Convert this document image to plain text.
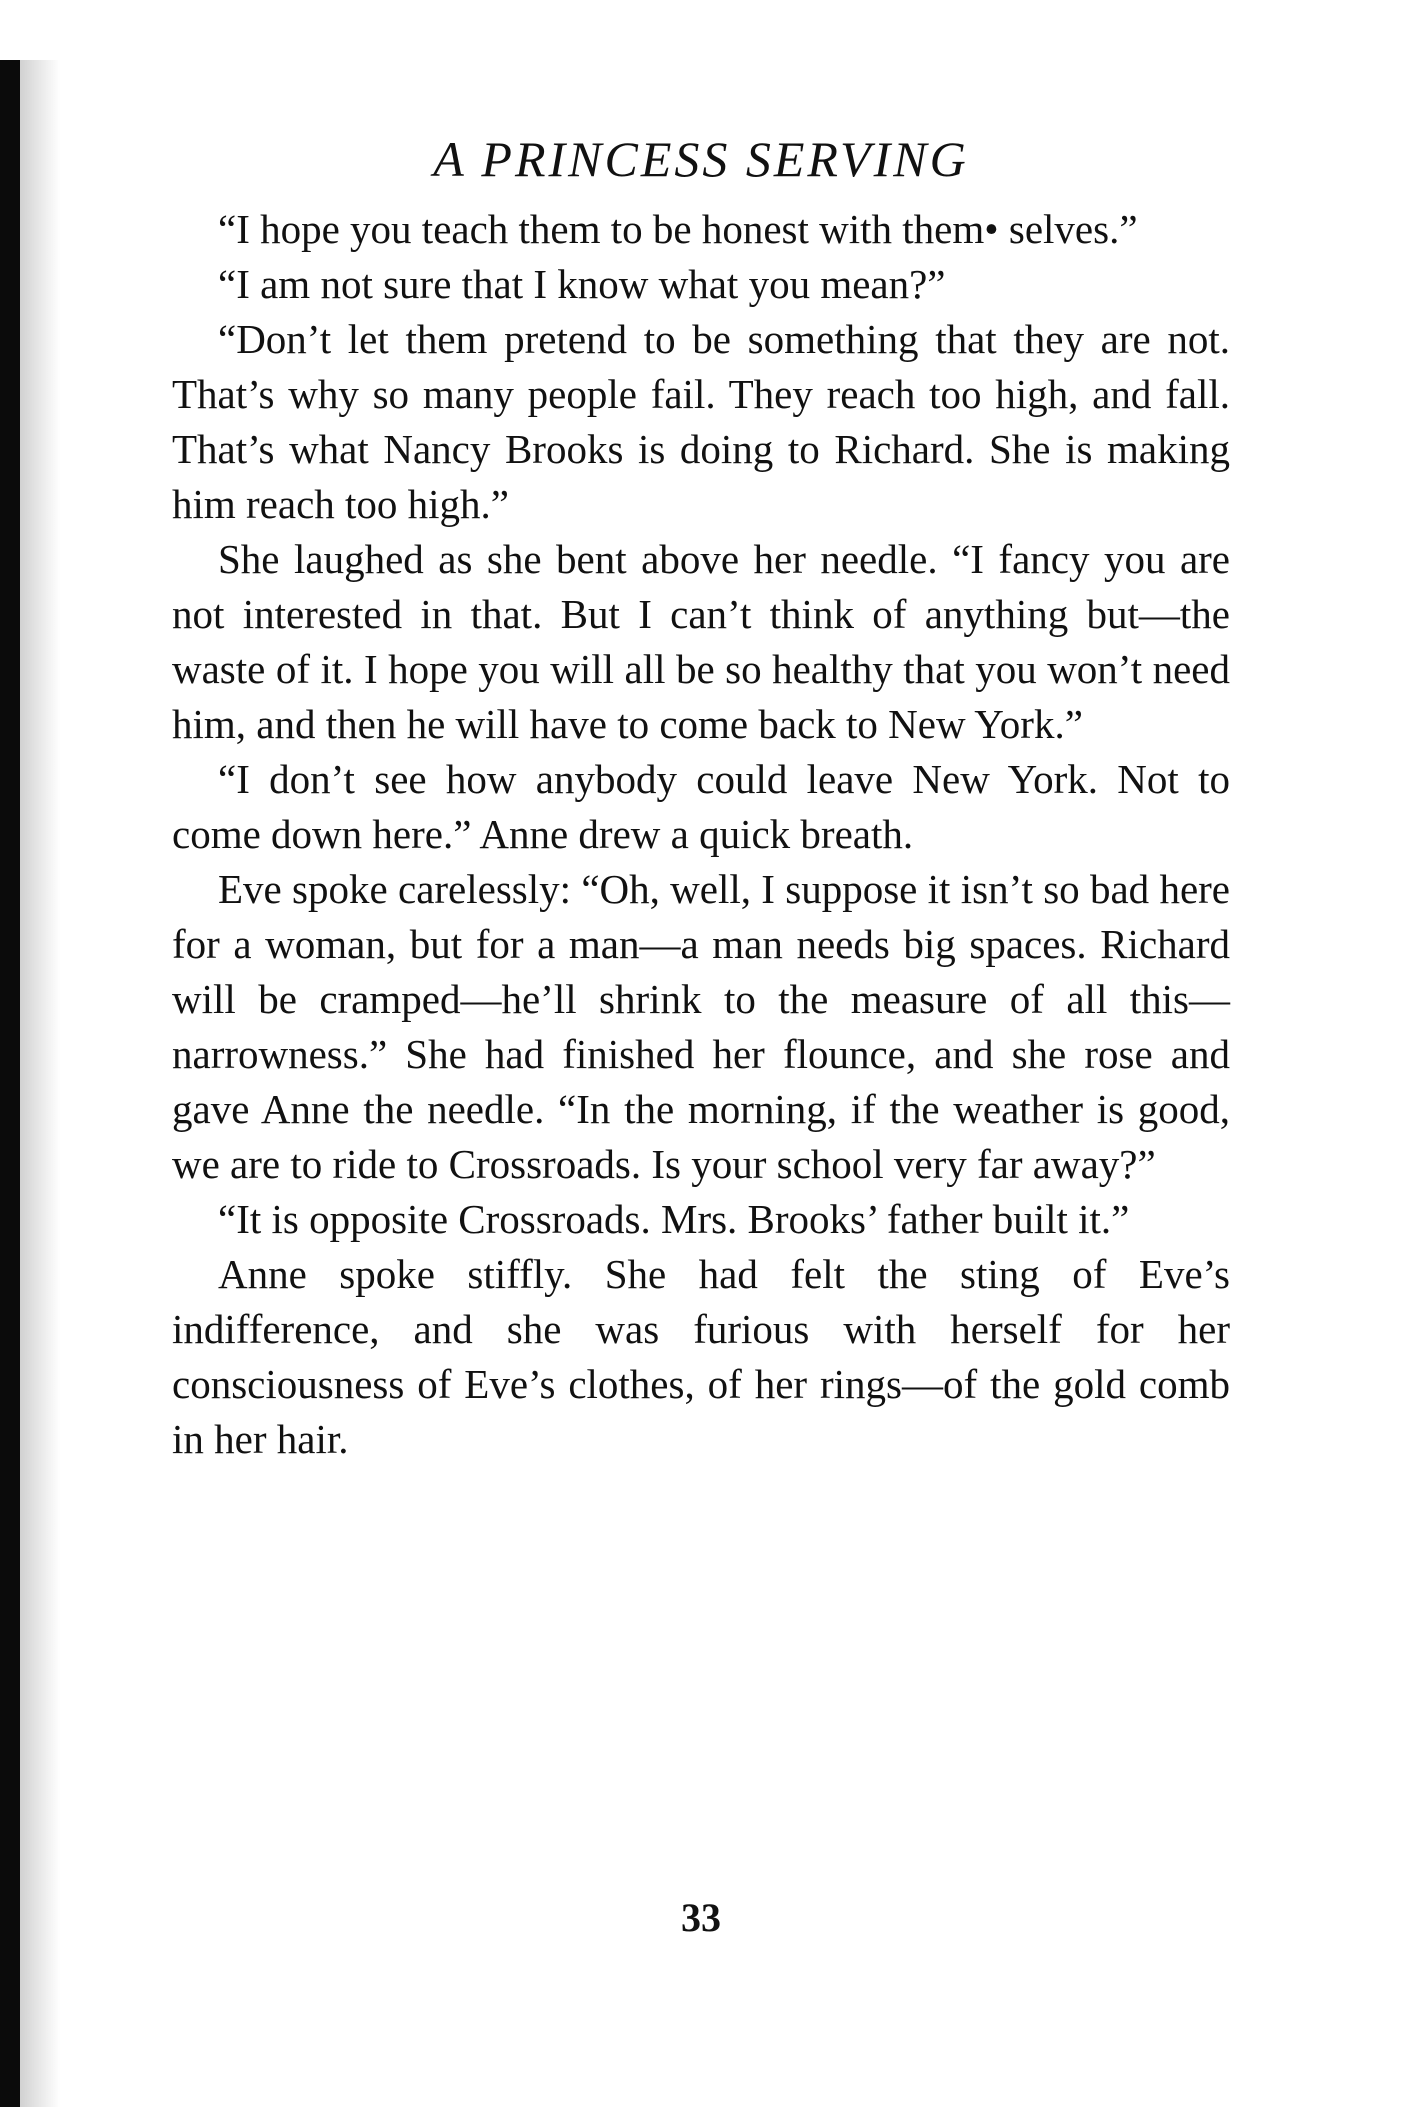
A PRINCESS SERVING

“I hope you teach them to be honest with them• selves.”

“I am not sure that I know what you mean?”

“Don’t let them pretend to be something that they are not. That’s why so many people fail. They reach too high, and fall. That’s what Nancy Brooks is doing to Richard. She is making him reach too high.”

She laughed as she bent above her needle. “I fancy you are not interested in that. But I can’t think of anything but—the waste of it. I hope you will all be so healthy that you won’t need him, and then he will have to come back to New York.”

“I don’t see how anybody could leave New York. Not to come down here.” Anne drew a quick breath.

Eve spoke carelessly: “Oh, well, I suppose it isn’t so bad here for a woman, but for a man—a man needs big spaces. Richard will be cramped—he’ll shrink to the measure of all this—narrowness.” She had finished her flounce, and she rose and gave Anne the needle. “In the morning, if the weather is good, we are to ride to Crossroads. Is your school very far away?”

“It is opposite Crossroads. Mrs. Brooks’ father built it.”

Anne spoke stiffly. She had felt the sting of Eve’s indifference, and she was furious with herself for her consciousness of Eve’s clothes, of her rings—of the gold comb in her hair.

33
